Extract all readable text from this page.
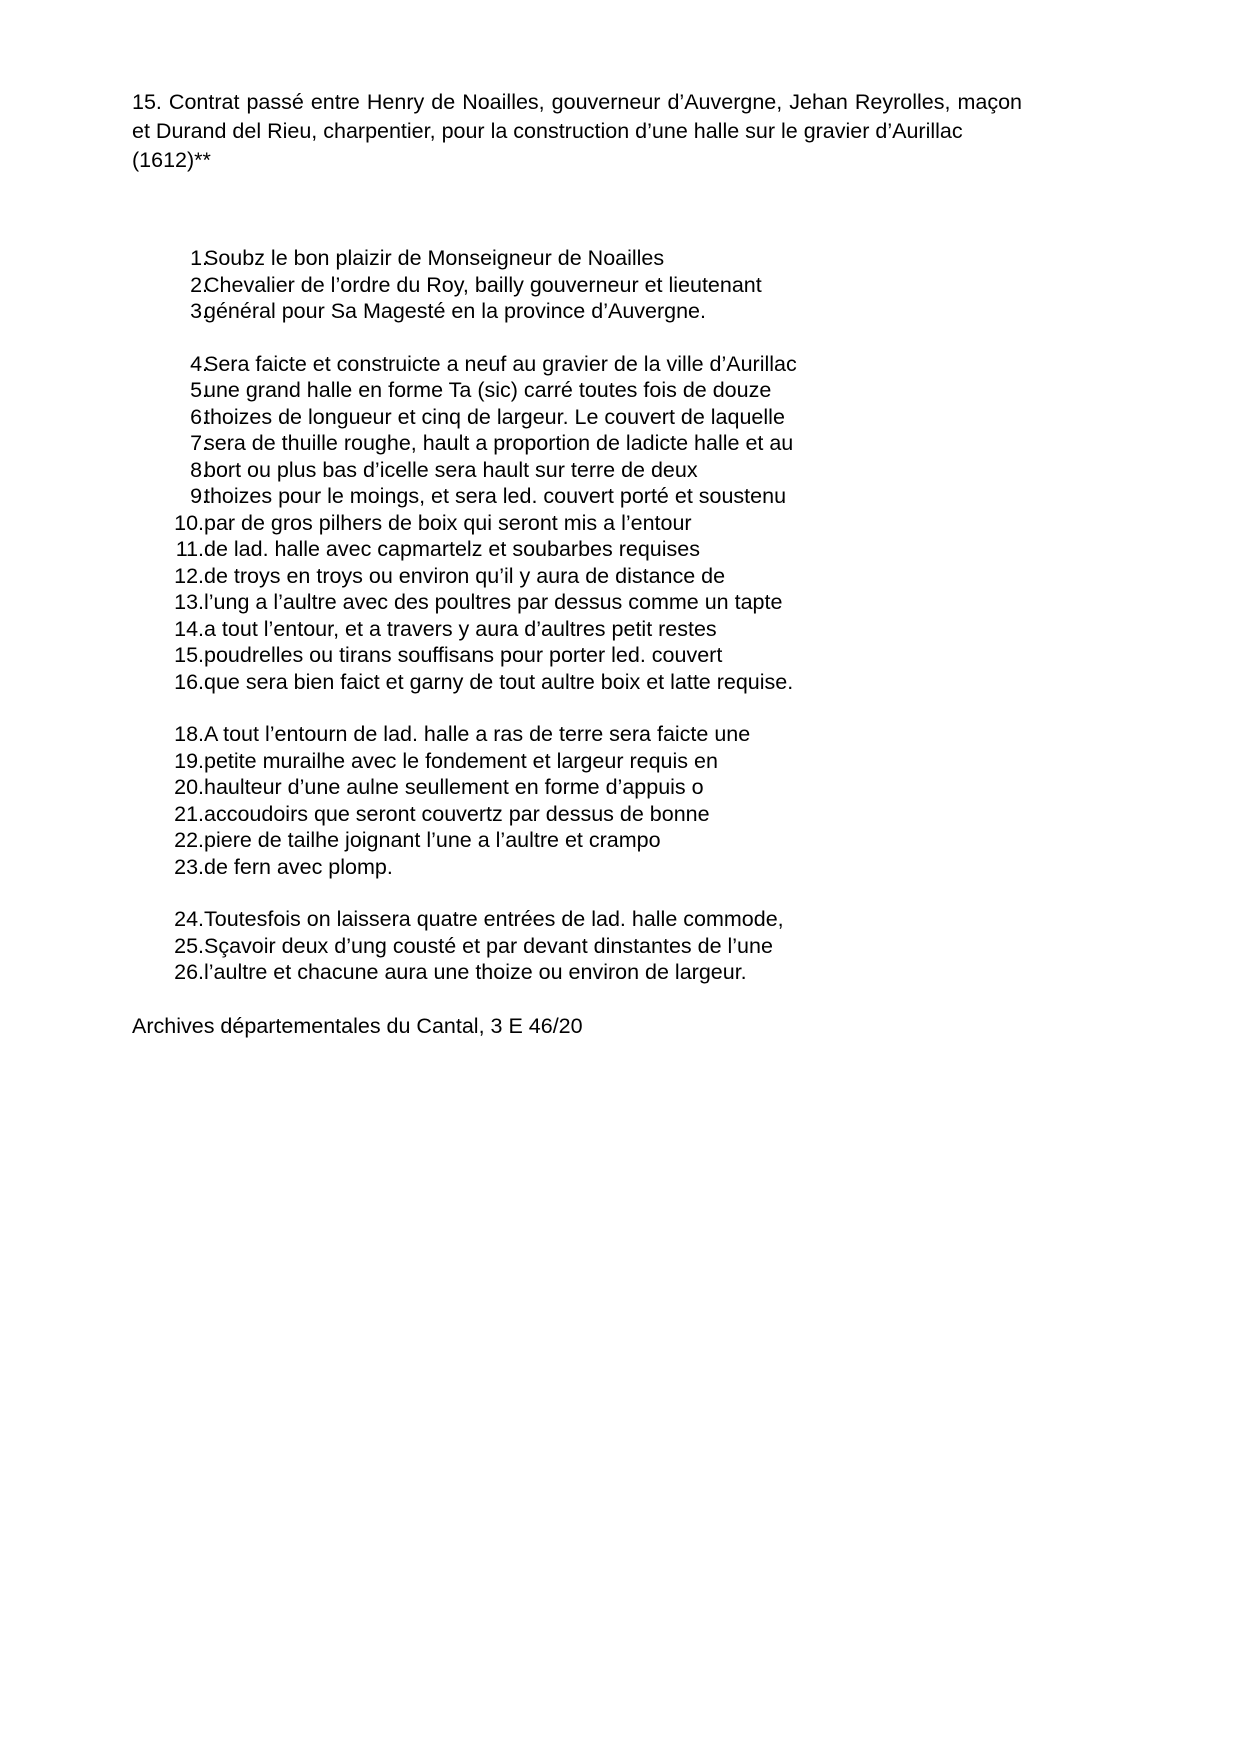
15. Contrat passé entre Henry de Noailles, gouverneur d’Auvergne, Jehan Reyrolles, maçon et Durand del Rieu, charpentier, pour la construction d’une halle sur le gravier d’Aurillac
(1612)**
1.
Soubz le bon plaizir de Monseigneur de Noailles
2.
Chevalier de l’ordre du Roy, bailly gouverneur et lieutenant
3.
général pour Sa Magesté en la province d’Auvergne.
4.
Sera faicte et construicte a neuf au gravier de la ville d’Aurillac
5.
une grand halle en forme Ta (sic) carré toutes fois de douze
6.
thoizes de longueur et cinq de largeur. Le couvert de laquelle
7.
sera de thuille roughe, hault a proportion de ladicte halle et au
8.
bort ou plus bas d’icelle sera hault sur terre de deux
9.
thoizes pour le moings, et sera led. couvert porté et soustenu
10. par de gros pilhers de boix qui seront mis a l’entour
11. de lad. halle avec capmartelz et soubarbes requises
12. de troys en troys ou environ qu’il y aura de distance de
13. l’ung a l’aultre avec des poultres par dessus comme un tapte
14. a tout l’entour, et a travers y aura d’aultres petit restes
15. poudrelles ou tirans souffisans pour porter led. couvert
16. que sera bien faict et garny de tout aultre boix et latte requise.
18. A tout l’entourn de lad. halle a ras de terre sera faicte une
19. petite murailhe avec le fondement et largeur requis en
20. haulteur d’une aulne seullement en forme d’appuis o
21. accoudoirs que seront couvertz par dessus de bonne
22. piere de tailhe joignant l’une a l’aultre et crampo
23. de fern avec plomp.
24. Toutesfois on laissera quatre entrées de lad. halle commode,
25. Sçavoir deux d’ung cousté et par devant dinstantes de l’une
26. l’aultre et chacune aura une thoize ou environ de largeur.

Archives départementales du Cantal, 3 E 46/20
